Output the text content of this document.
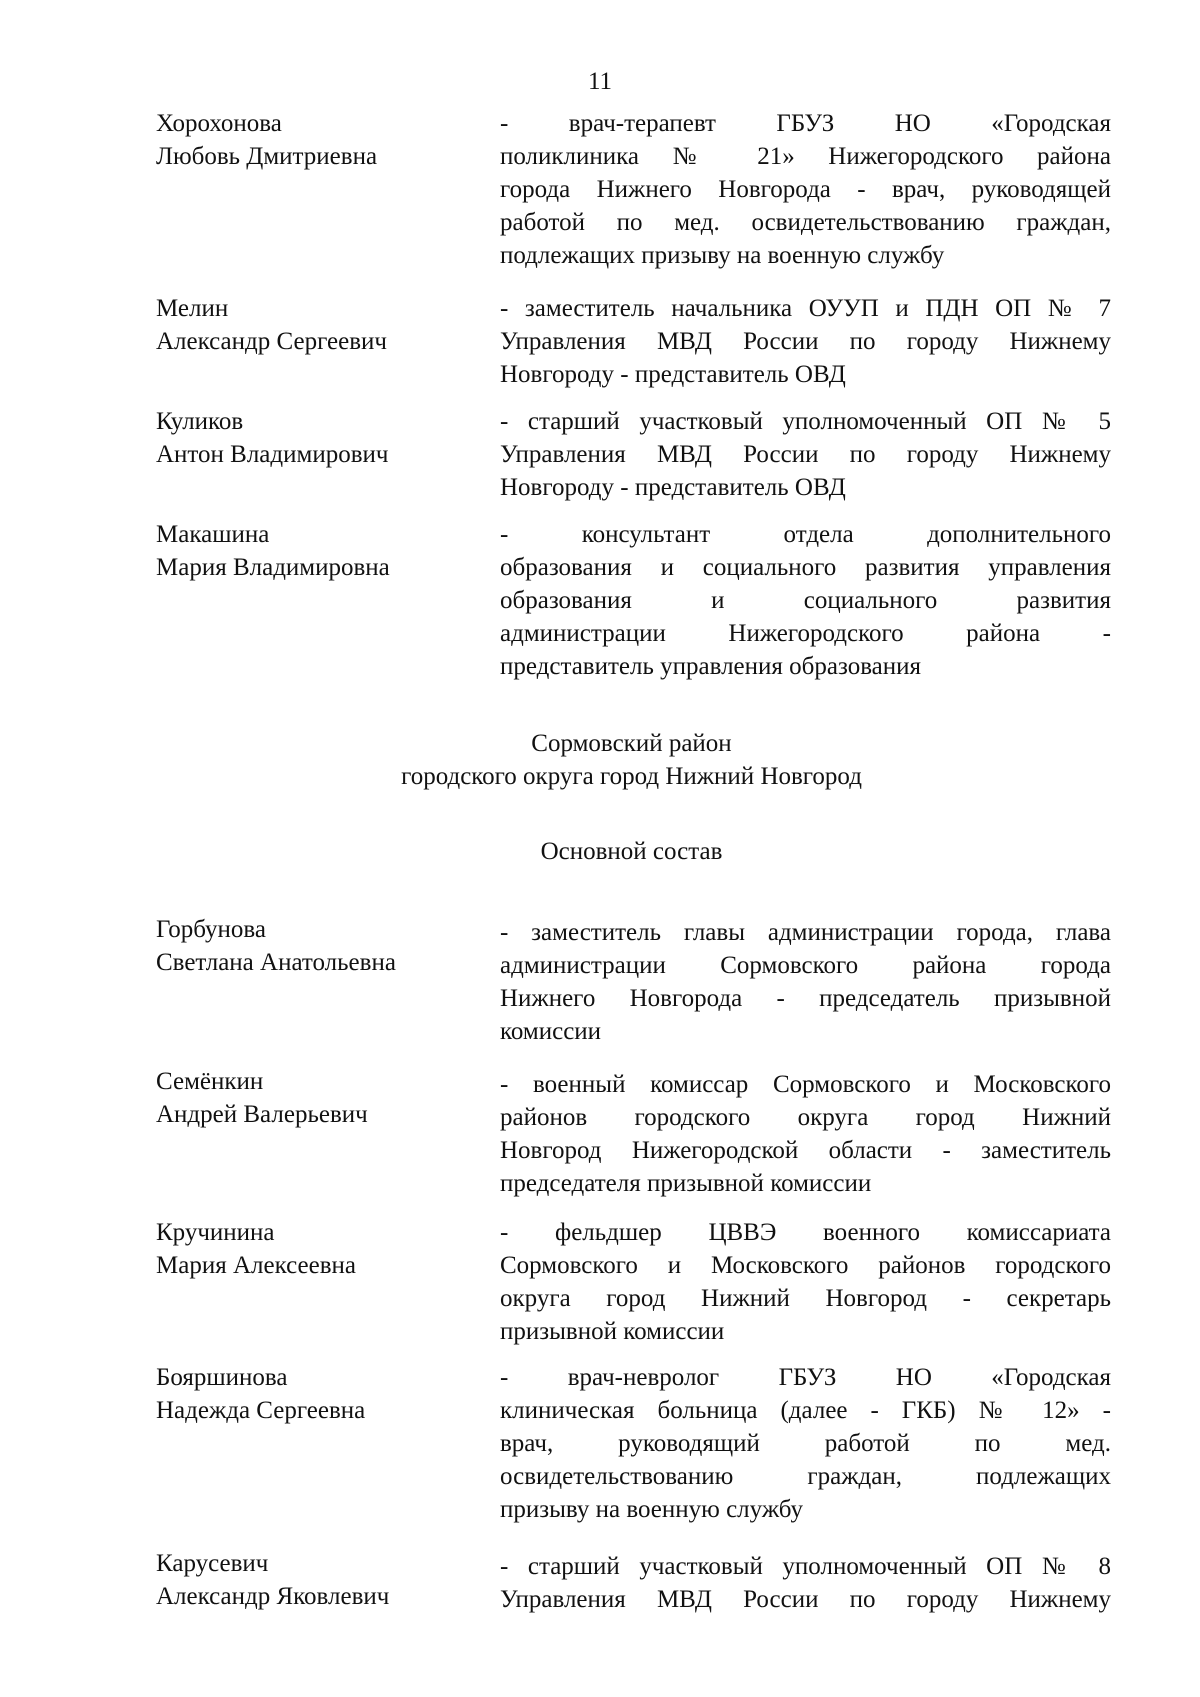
11
Хорохонова
Любовь Дмитриевна
- врач-терапевт ГБУЗ НО «Городская
поликлиника № 21» Нижегородского района
города Нижнего Новгорода - врач, руководящей
работой по мед. освидетельствованию граждан,
подлежащих призыву на военную службу
Мелин
Александр Сергеевич
- заместитель начальника ОУУП и ПДН ОП № 7
Управления МВД России по городу Нижнему
Новгороду - представитель ОВД
Куликов
Антон Владимирович
- старший участковый уполномоченный ОП № 5
Управления МВД России по городу Нижнему
Новгороду - представитель ОВД
Макашина
Мария Владимировна
- консультант отдела дополнительного
образования и социального развития управления
образования и социального развития
администрации Нижегородского района -
представитель управления образования
Сормовский район
городского округа город Нижний Новгород
Основной состав
Горбунова
Светлана Анатольевна
- заместитель главы администрации города, глава
администрации Сормовского района города
Нижнего Новгорода - председатель призывной
комиссии
Семёнкин
Андрей Валерьевич
- военный комиссар Сормовского и Московского
районов городского округа город Нижний
Новгород Нижегородской области - заместитель
председателя призывной комиссии
Кручинина
Мария Алексеевна
- фельдшер ЦВВЭ военного комиссариата
Сормовского и Московского районов городского
округа город Нижний Новгород - секретарь
призывной комиссии
Бояршинова
Надежда Сергеевна
- врач-невролог ГБУЗ НО «Городская
клиническая больница (далее - ГКБ) № 12» -
врач, руководящий работой по мед.
освидетельствованию граждан, подлежащих
призыву на военную службу
Карусевич
Александр Яковлевич
- старший участковый уполномоченный ОП № 8
Управления МВД России по городу Нижнему
